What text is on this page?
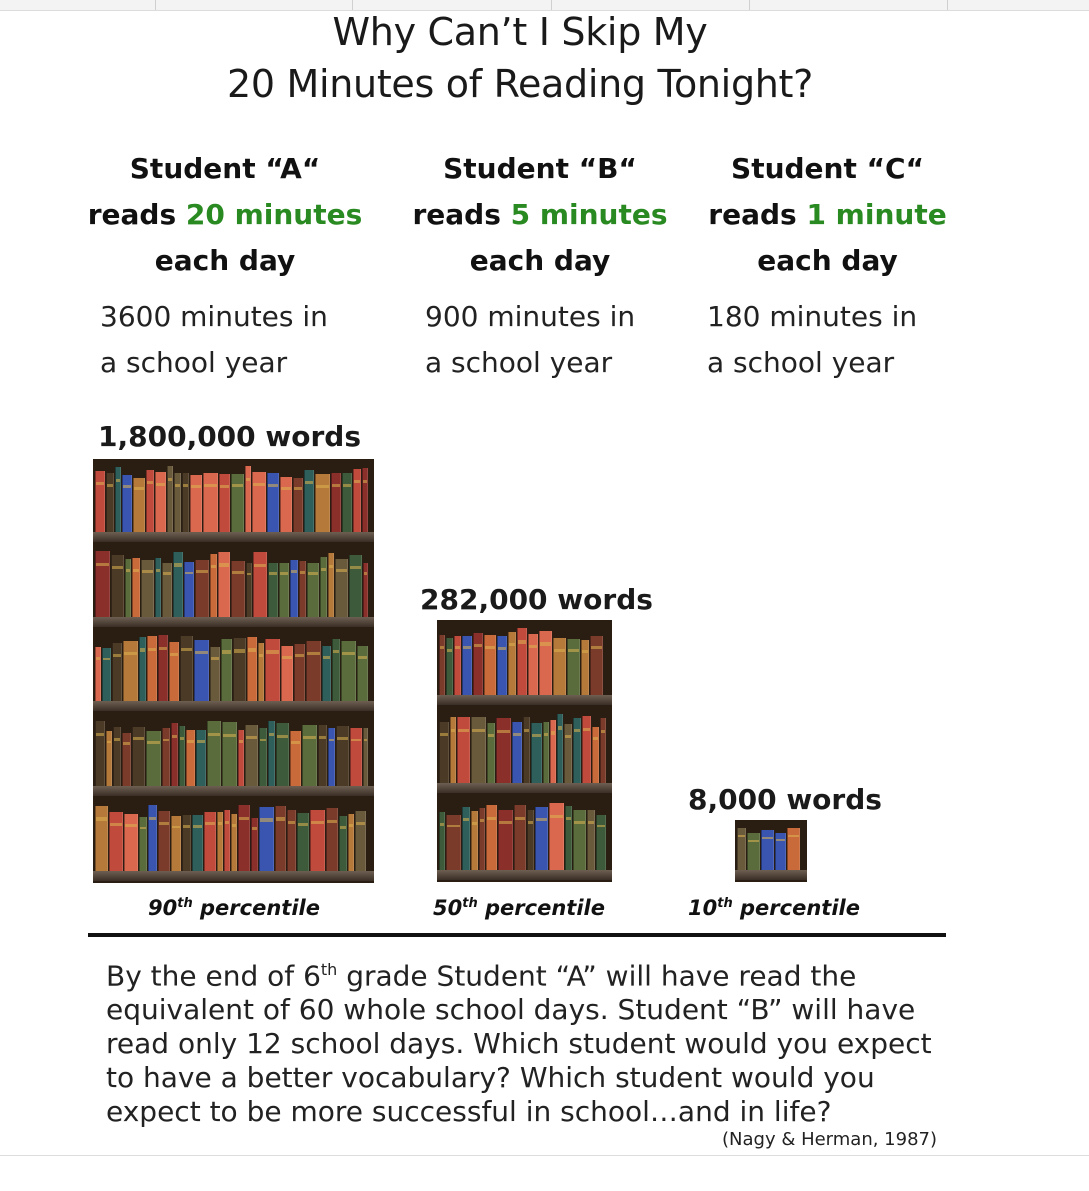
Why Can’t I Skip My
20 Minutes of Reading Tonight?
Student “A“
reads 20 minutes
each day
3600 minutes in
a school year
Student “B“
reads 5 minutes
each day
900 minutes in
a school year
Student “C“
reads 1 minute
each day
180 minutes in
a school year
1,800,000 words
282,000 words
8,000 words
90th percentile	50th percentile	10th percentile
By the end of 6th grade Student “A” will have read the equivalent of 60 whole school days. Student “B” will have read only 12 school days. Which student would you expect to have a better vocabulary? Which student would you expect to be more successful in school…and in life?
(Nagy & Herman, 1987)
